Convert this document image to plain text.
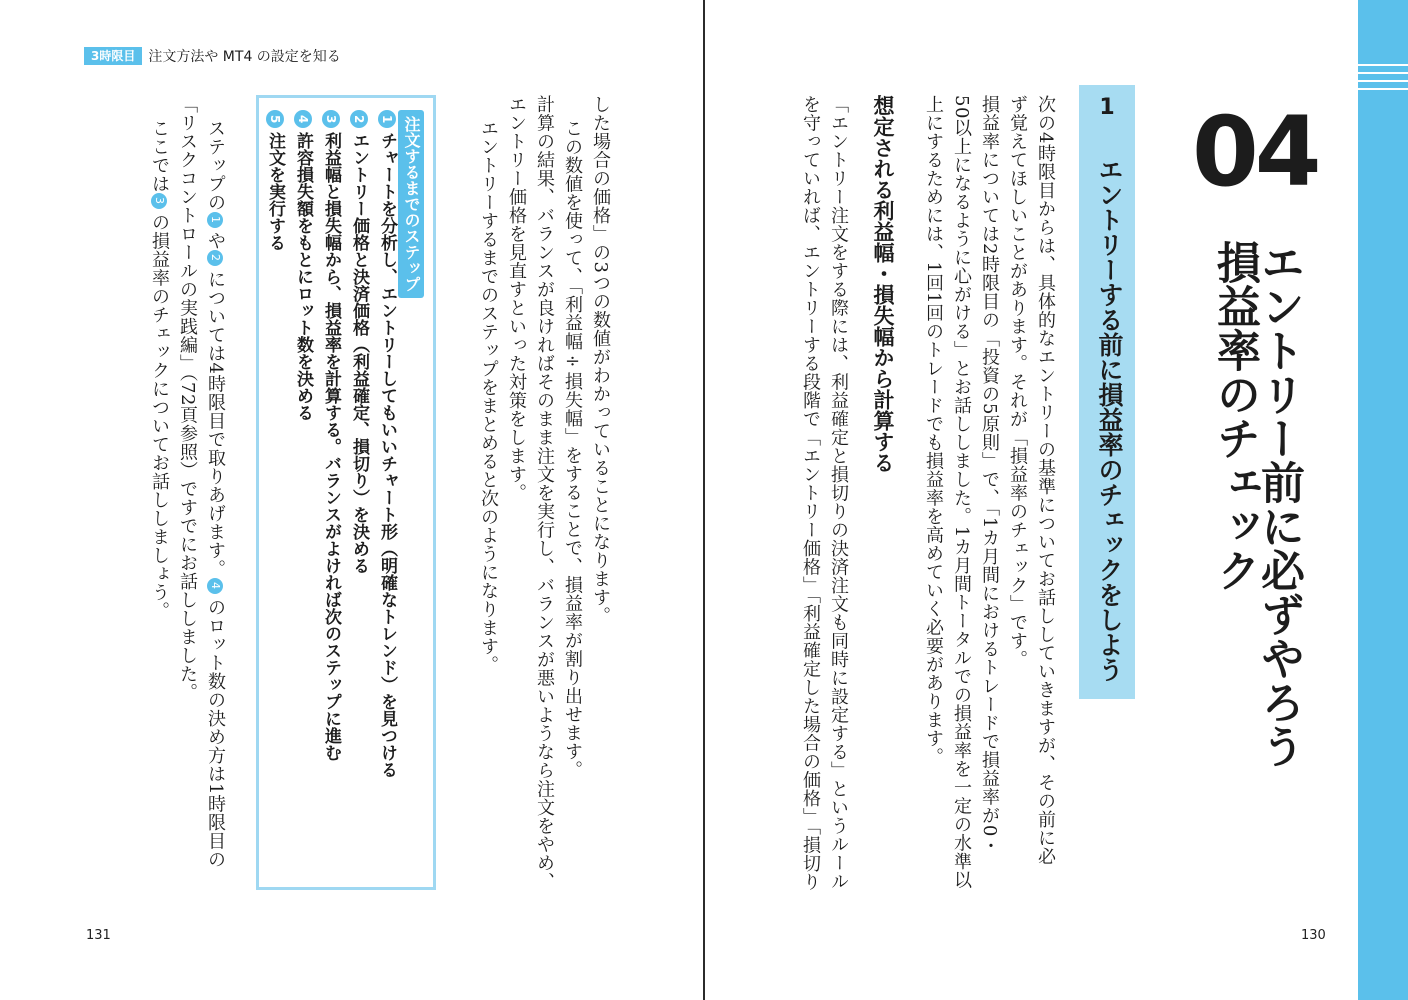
3時限目 注文方法や MT4 の設定を知る
した場合の価格」の3つの数値がわかっていることになります。
この数値を使って、「利益幅÷損失幅」をすることで、損益率が割り出せます。
計算の結果、バランスが良ければそのまま注文を実行し、バランスが悪いようなら注文をやめ、
エントリー価格を見直すといった対策をします。
エントリーするまでのステップをまとめると次のようになります。
注文するまでのステップ
1チャートを分析し、エントリーしてもいいチャート形（明確なトレンド）を見つける
2エントリー価格と決済価格（利益確定、損切り）を決める
3利益幅と損失幅から、損益率を計算する。バランスがよければ次のステップに進む
4許容損失額をもとにロット数を決める
5注文を実行する
ステップの1や2については4時限目で取りあげます。4のロット数の決め方は1時限目の
「リスクコントロールの実践編」（72頁参照）ですでにお話ししました。
ここでは3の損益率のチェックについてお話ししましょう。
131
04
エントリー前に必ずやろう
損益率のチェック
1
エントリーする前に損益率のチェックをしよう
次の4時限目からは、具体的なエントリーの基準についてお話ししていきますが、その前に必
ず覚えてほしいことがあります。それが「損益率のチェック」です。
損益率については2時限目の「投資の5原則」で、「1カ月間におけるトレードで損益率が0・
50以上になるように心がける」とお話ししました。1カ月間トータルでの損益率を一定の水準以
上にするためには、1回1回のトレードでも損益率を高めていく必要があります。
想定される利益幅・損失幅から計算する
「エントリー注文をする際には、利益確定と損切りの決済注文も同時に設定する」というルール
を守っていれば、エントリーする段階で「エントリー価格」「利益確定した場合の価格」「損切り
130
